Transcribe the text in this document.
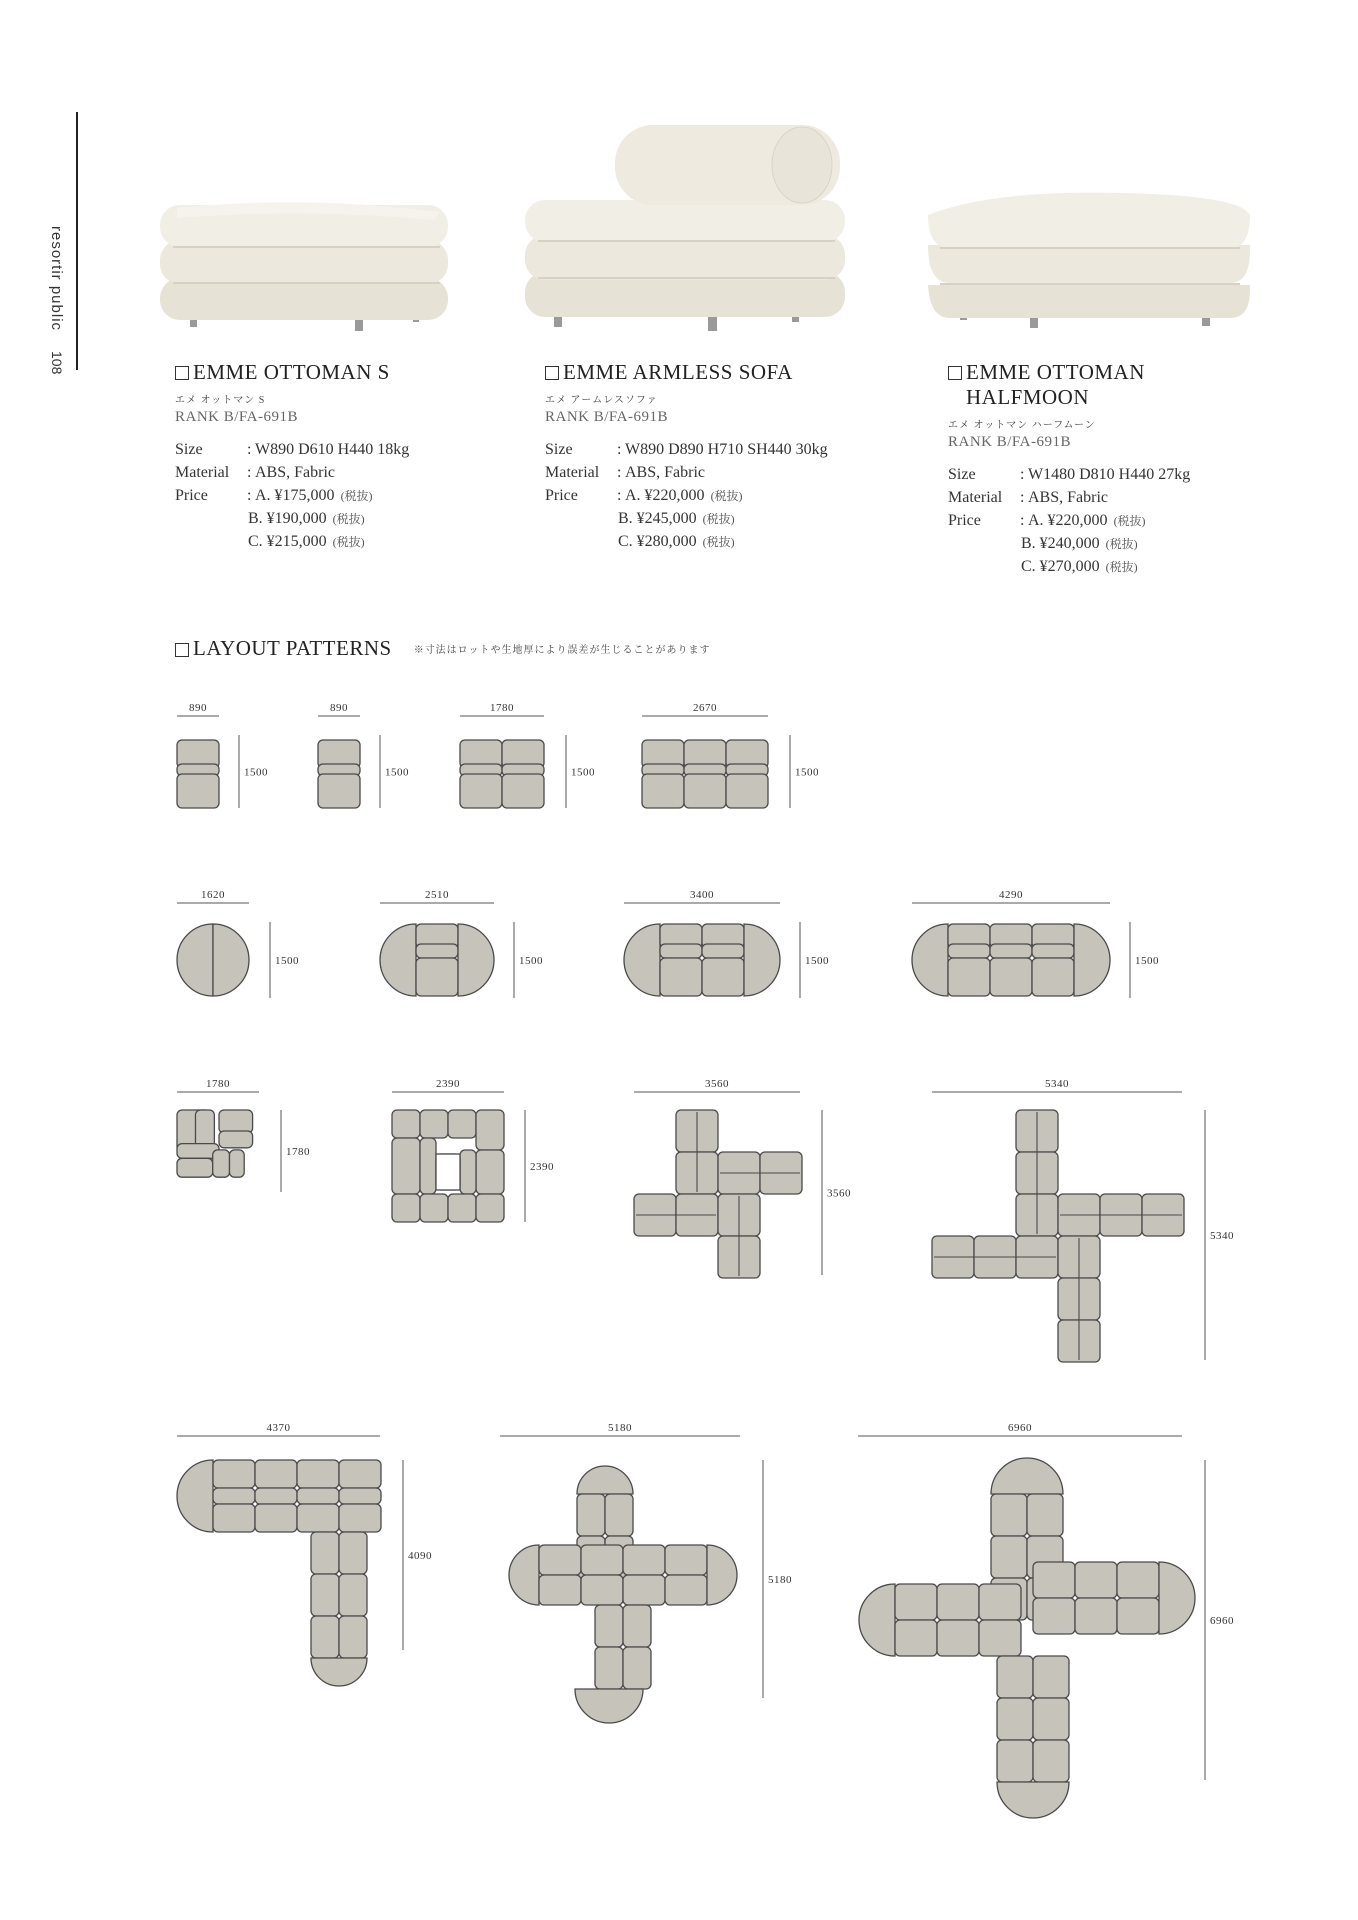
resortir public
108	EMME OTTOMAN S
エメ オットマン S
RANK B/FA-691B
Size	: W890 D610 H440 18kg
Material	: ABS, Fabric
Price	: A. ¥175,000 (税抜)
B. ¥190,000 (税抜)
C. ¥215,000 (税抜)
EMME ARMLESS SOFA
エメ アームレスソファ
RANK B/FA-691B
Size	: W890 D890 H710 SH440 30kg
Material	: ABS, Fabric
Price	: A. ¥220,000 (税抜)
B. ¥245,000 (税抜)
C. ¥280,000 (税抜)
EMME OTTOMAN
HALFMOON
エメ オットマン ハーフムーン
RANK B/FA-691B
Size	: W1480 D810 H440 27kg
Material	: ABS, Fabric
Price	: A. ¥220,000 (税抜)
B. ¥240,000 (税抜)
C. ¥270,000 (税抜)
LAYOUT PATTERNS ※寸法はロットや生地厚により誤差が生じることがあります
890
1500
890
1500
1780
1500
2670
1500
1620
1500
2510
1500
3400
1500
4290
1500
1780
1780
2390
2390
3560
3560
5340
5340
4370
4090
5180
5180
6960
6960
